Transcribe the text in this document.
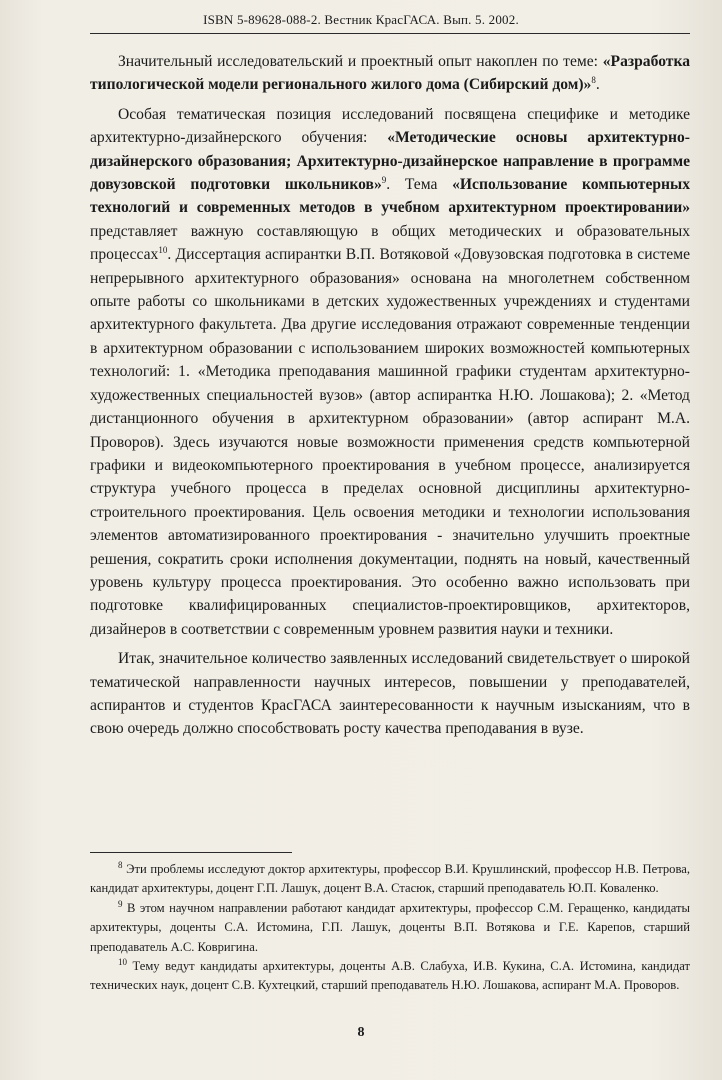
ISBN 5-89628-088-2. Вестник КрасГАСА. Вып. 5. 2002.

Значительный исследовательский и проектный опыт накоплен по теме: «Разработка типологической модели регионального жилого дома (Сибирский дом)»$^8$.

Особая тематическая позиция исследований посвящена специфике и методике архитектурно-дизайнерского обучения: «Методические основы архитектурно-дизайнерского образования; Архитектурно-дизайнерское направление в программе довузовской подготовки школьников»$^9$. Тема «Использование компьютерных технологий и современных методов в учебном архитектурном проектировании» представляет важную составляющую в общих методических и образовательных процессах$^{10}$. Диссертация аспирантки В.П. Вотяковой «Довузовская подготовка в системе непрерывного архитектурного образования» основана на многолетнем собственном опыте работы со школьниками в детских художественных учреждениях и студентами архитектурного факультета. Два другие исследования отражают современные тенденции в архитектурном образовании с использованием широких возможностей компьютерных технологий: 1. «Методика преподавания машинной графики студентам архитектурно-художественных специальностей вузов» (автор аспирантка Н.Ю. Лошакова); 2. «Метод дистанционного обучения в архитектурном образовании» (автор аспирант М.А. Проворов). Здесь изучаются новые возможности применения средств компьютерной графики и видеокомпьютерного проектирования в учебном процессе, анализируется структура учебного процесса в пределах основной дисциплины архитектурно-строительного проектирования. Цель освоения методики и технологии использования элементов автоматизированного проектирования - значительно улучшить проектные решения, сократить сроки исполнения документации, поднять на новый, качественный уровень культуру процесса проектирования. Это особенно важно использовать при подготовке квалифицированных специалистов-проектировщиков, архитекторов, дизайнеров в соответствии с современным уровнем развития науки и техники.

Итак, значительное количество заявленных исследований свидетельствует о широкой тематической направленности научных интересов, повышении у преподавателей, аспирантов и студентов КрасГАСА заинтересованности к научным изысканиям, что в свою очередь должно способствовать росту качества преподавания в вузе.

$^8$ Эти проблемы исследуют доктор архитектуры, профессор В.И. Крушлинский, профессор Н.В. Петрова, кандидат архитектуры, доцент Г.П. Лашук, доцент В.А. Стасюк, старший преподаватель Ю.П. Коваленко.

$^9$ В этом научном направлении работают кандидат архитектуры, профессор С.М. Геращенко, кандидаты архитектуры, доценты С.А. Истомина, Г.П. Лашук, доценты В.П. Вотякова и Г.Е. Карепов, старший преподаватель А.С. Ковригина.

$^{10}$ Тему ведут кандидаты архитектуры, доценты А.В. Слабуха, И.В. Кукина, С.А. Истомина, кандидат технических наук, доцент С.В. Кухтецкий, старший преподаватель Н.Ю. Лошакова, аспирант М.А. Проворов.

8
